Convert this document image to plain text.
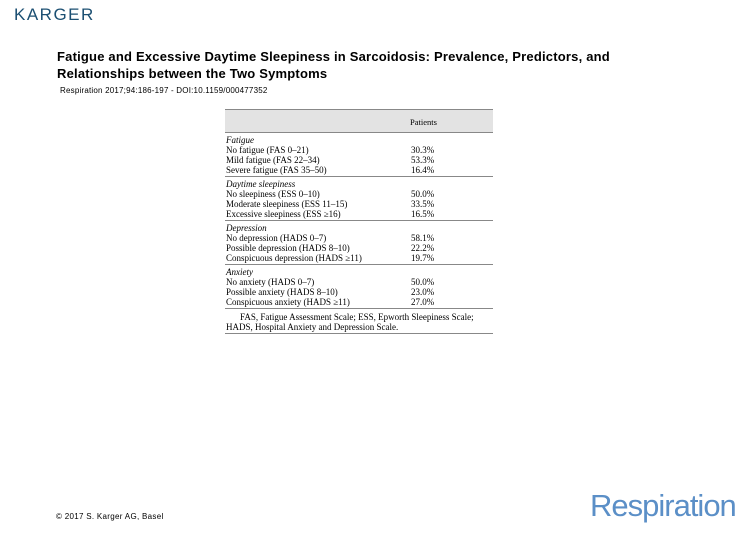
KARGER
Fatigue and Excessive Daytime Sleepiness in Sarcoidosis: Prevalence, Predictors, and Relationships between the Two Symptoms
Respiration 2017;94:186-197 - DOI:10.1159/000477352
Patients
Fatigue
No fatigue (FAS 0–21)	30.3%
Mild fatigue (FAS 22–34)	53.3%
Severe fatigue (FAS 35–50)	16.4%
Daytime sleepiness
No sleepiness (ESS 0–10)	50.0%
Moderate sleepiness (ESS 11–15)	33.5%
Excessive sleepiness (ESS ≥16)	16.5%
Depression
No depression (HADS 0–7)	58.1%
Possible depression (HADS 8–10)	22.2%
Conspicuous depression (HADS ≥11)	19.7%
Anxiety
No anxiety (HADS 0–7)	50.0%
Possible anxiety (HADS 8–10)	23.0%
Conspicuous anxiety (HADS ≥11)	27.0%
FAS, Fatigue Assessment Scale; ESS, Epworth Sleepiness Scale;
HADS, Hospital Anxiety and Depression Scale.
© 2017 S. Karger AG, Basel	Respiration
